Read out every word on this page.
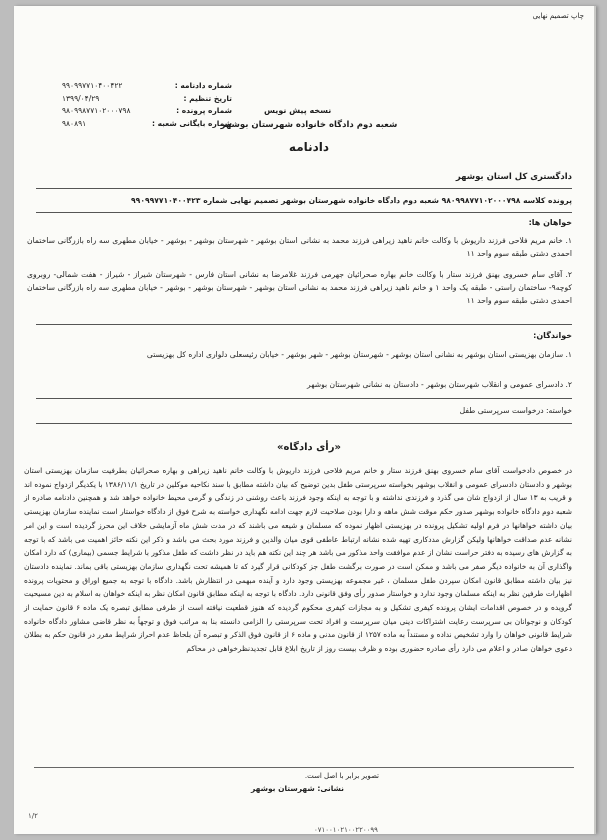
چاپ تصمیم نهایی
شماره دادنامه :
۹۹۰۹۹۷۷۱۰۴۰۰۴۲۲
تاریخ تنظیم :
۱۳۹۹/۰۴/۲۹
شماره پرونده :
۹۸۰۹۹۸۷۷۱۰۲۰۰۰۷۹۸
شماره بایگانی شعبه :
۹۸۰۸۹۱
نسخه پیش نویس
شعبه دوم دادگاه خانواده شهرستان بوشهر
دادنامه
دادگستری کل استان بوشهر
پرونده کلاسه ۹۸۰۹۹۸۷۷۱۰۲۰۰۰۷۹۸ شعبه دوم دادگاه خانواده شهرستان بوشهر تصمیم نهایی شماره ۹۹۰۹۹۷۷۱۰۴۰۰۴۲۳
خواهان ها:
۱. خانم مریم فلاحی فرزند داریوش با وکالت خانم ناهید زیراهی فرزند محمد به نشانی استان بوشهر - شهرستان بوشهر - بوشهر - خیابان مطهری سه راه بازرگانی ساختمان احمدی دشتی طبقه سوم واحد ۱۱
۲. آقای سام خسروی بهنق فرزند ستار با وکالت خانم بهاره صحرائیان جهرمی فرزند غلامرضا به نشانی استان فارس - شهرستان شیراز - شیراز - هفت شمالی- روبروی کوچه۹- ساختمان راستی - طبقه یک واحد ۱ و خانم ناهید زیراهی فرزند محمد به نشانی استان بوشهر - شهرستان بوشهر - بوشهر - خیابان مطهری سه راه بازرگانی ساختمان احمدی دشتی طبقه سوم واحد ۱۱
خواندگان:
۱. سازمان بهزیستی استان بوشهر به نشانی استان بوشهر - شهرستان بوشهر - شهر بوشهر - خیابان رئیسعلی دلواری اداره کل بهزیستی
۲. دادسرای عمومی و انقلاب شهرستان بوشهر - دادستان به نشانی شهرستان بوشهر
خواسته: درخواست سرپرستی طفل
«رأی دادگاه»
در خصوص دادخواست آقای سام خسروی بهنق فرزند ستار و خانم مریم فلاحی فرزند داریوش با وکالت خانم ناهید زیراهی و بهاره صحرائیان بطرفیت سازمان بهزیستی استان بوشهر و دادستان دادسرای عمومی و انقلاب بوشهر بخواسته سرپرستی طفل بدین توضیح که بیان داشته مطابق با سند نکاحیه موکلین در تاریخ ۱۳۸۶/۱۱/۱ با یکدیگر ازدواج نموده اند و قریب به ۱۳ سال از ازدواج شان می گذرد و فرزندی نداشته و با توجه به اینکه وجود فرزند باعث روشنی در زندگی و گرمی محیط خانواده خواهد شد و همچنین دادنامه صادره از شعبه دوم دادگاه خانواده بوشهر صدور حکم موقت شش ماهه و دارا بودن صلاحیت لازم جهت ادامه نگهداری خواسته به شرح فوق از دادگاه خواستار است نماینده سازمان بهزیستی بیان داشته خواهانها در فرم اولیه تشکیل پرونده در بهزیستی اظهار نموده که مسلمان و شیعه می باشند که در مدت شش ماه آزمایشی خلاف این محرز گردیده است و این امر نشانه عدم صداقت خواهانها ولیکن گزارش مددکاری تهیه شده نشانه ارتباط عاطفی قوی میان والدین و فرزند مورد بحث می باشد و ذکر این نکته حائز اهمیت می باشد که با توجه به گزارش های رسیده به دفتر حراست نشان از عدم موافقت واحد مذکور می باشد هر چند این نکته هم باید در نظر داشت که طفل مذکور با شرایط جسمی (بیماری) که دارد امکان واگذاری آن به خانواده دیگر صفر می باشد و ممکن است در صورت برگشت طفل جز کودکانی قرار گیرد که تا همیشه تحت نگهداری سازمان بهزیستی باقی بماند. نماینده دادستان نیز بیان داشته مطابق قانون امکان سپردن طفل مسلمان ، غیر مجموعه بهزیستی وجود دارد و آینده مبهمی در انتظارش باشد. دادگاه با توجه به جمیع اوراق و محتویات پرونده اظهارات طرفین نظر به اینکه مسلمان وجود ندارد و خواستار صدور رأی وفق قانونی دارد. دادگاه با توجه به اینکه مطابق قانون امکان نظر به اینکه خواهان به اسلام به دین مسیحیت گرویده و در خصوص اقدامات ایشان پرونده کیفری تشکیل و به مجازات کیفری محکوم گردیده که هنوز قطعیت نیافته است از طرفی مطابق تبصره یک ماده ۶ قانون حمایت از کودکان و نوجوانان بی سرپرست رعایت اشتراکات دینی میان سرپرست و افراد تحت سرپرستی را الزامی دانسته بنا به مراتب فوق و توجهاً به نظر قاضی مشاور دادگاه خانواده شرایط قانونی خواهان را وارد تشخیص نداده و مستنداً به ماده ۱۲۵۷ از قانون مدنی و ماده ۶ از قانون فوق الذکر و تبصره آن بلحاظ عدم احراز شرایط مقرر در قانون حکم به بطلان دعوی خواهان صادر و اعلام می دارد رأی صادره حضوری بوده و ظرف بیست روز از تاریخ ابلاغ قابل تجدیدنظرخواهی در محاکم
تصویر برابر با اصل است.
نشانی: شهرستان بوشهر
۱/۲
۰۷۱۰۰۱۰۲۱۰۰۲۲۰۰۹۹
